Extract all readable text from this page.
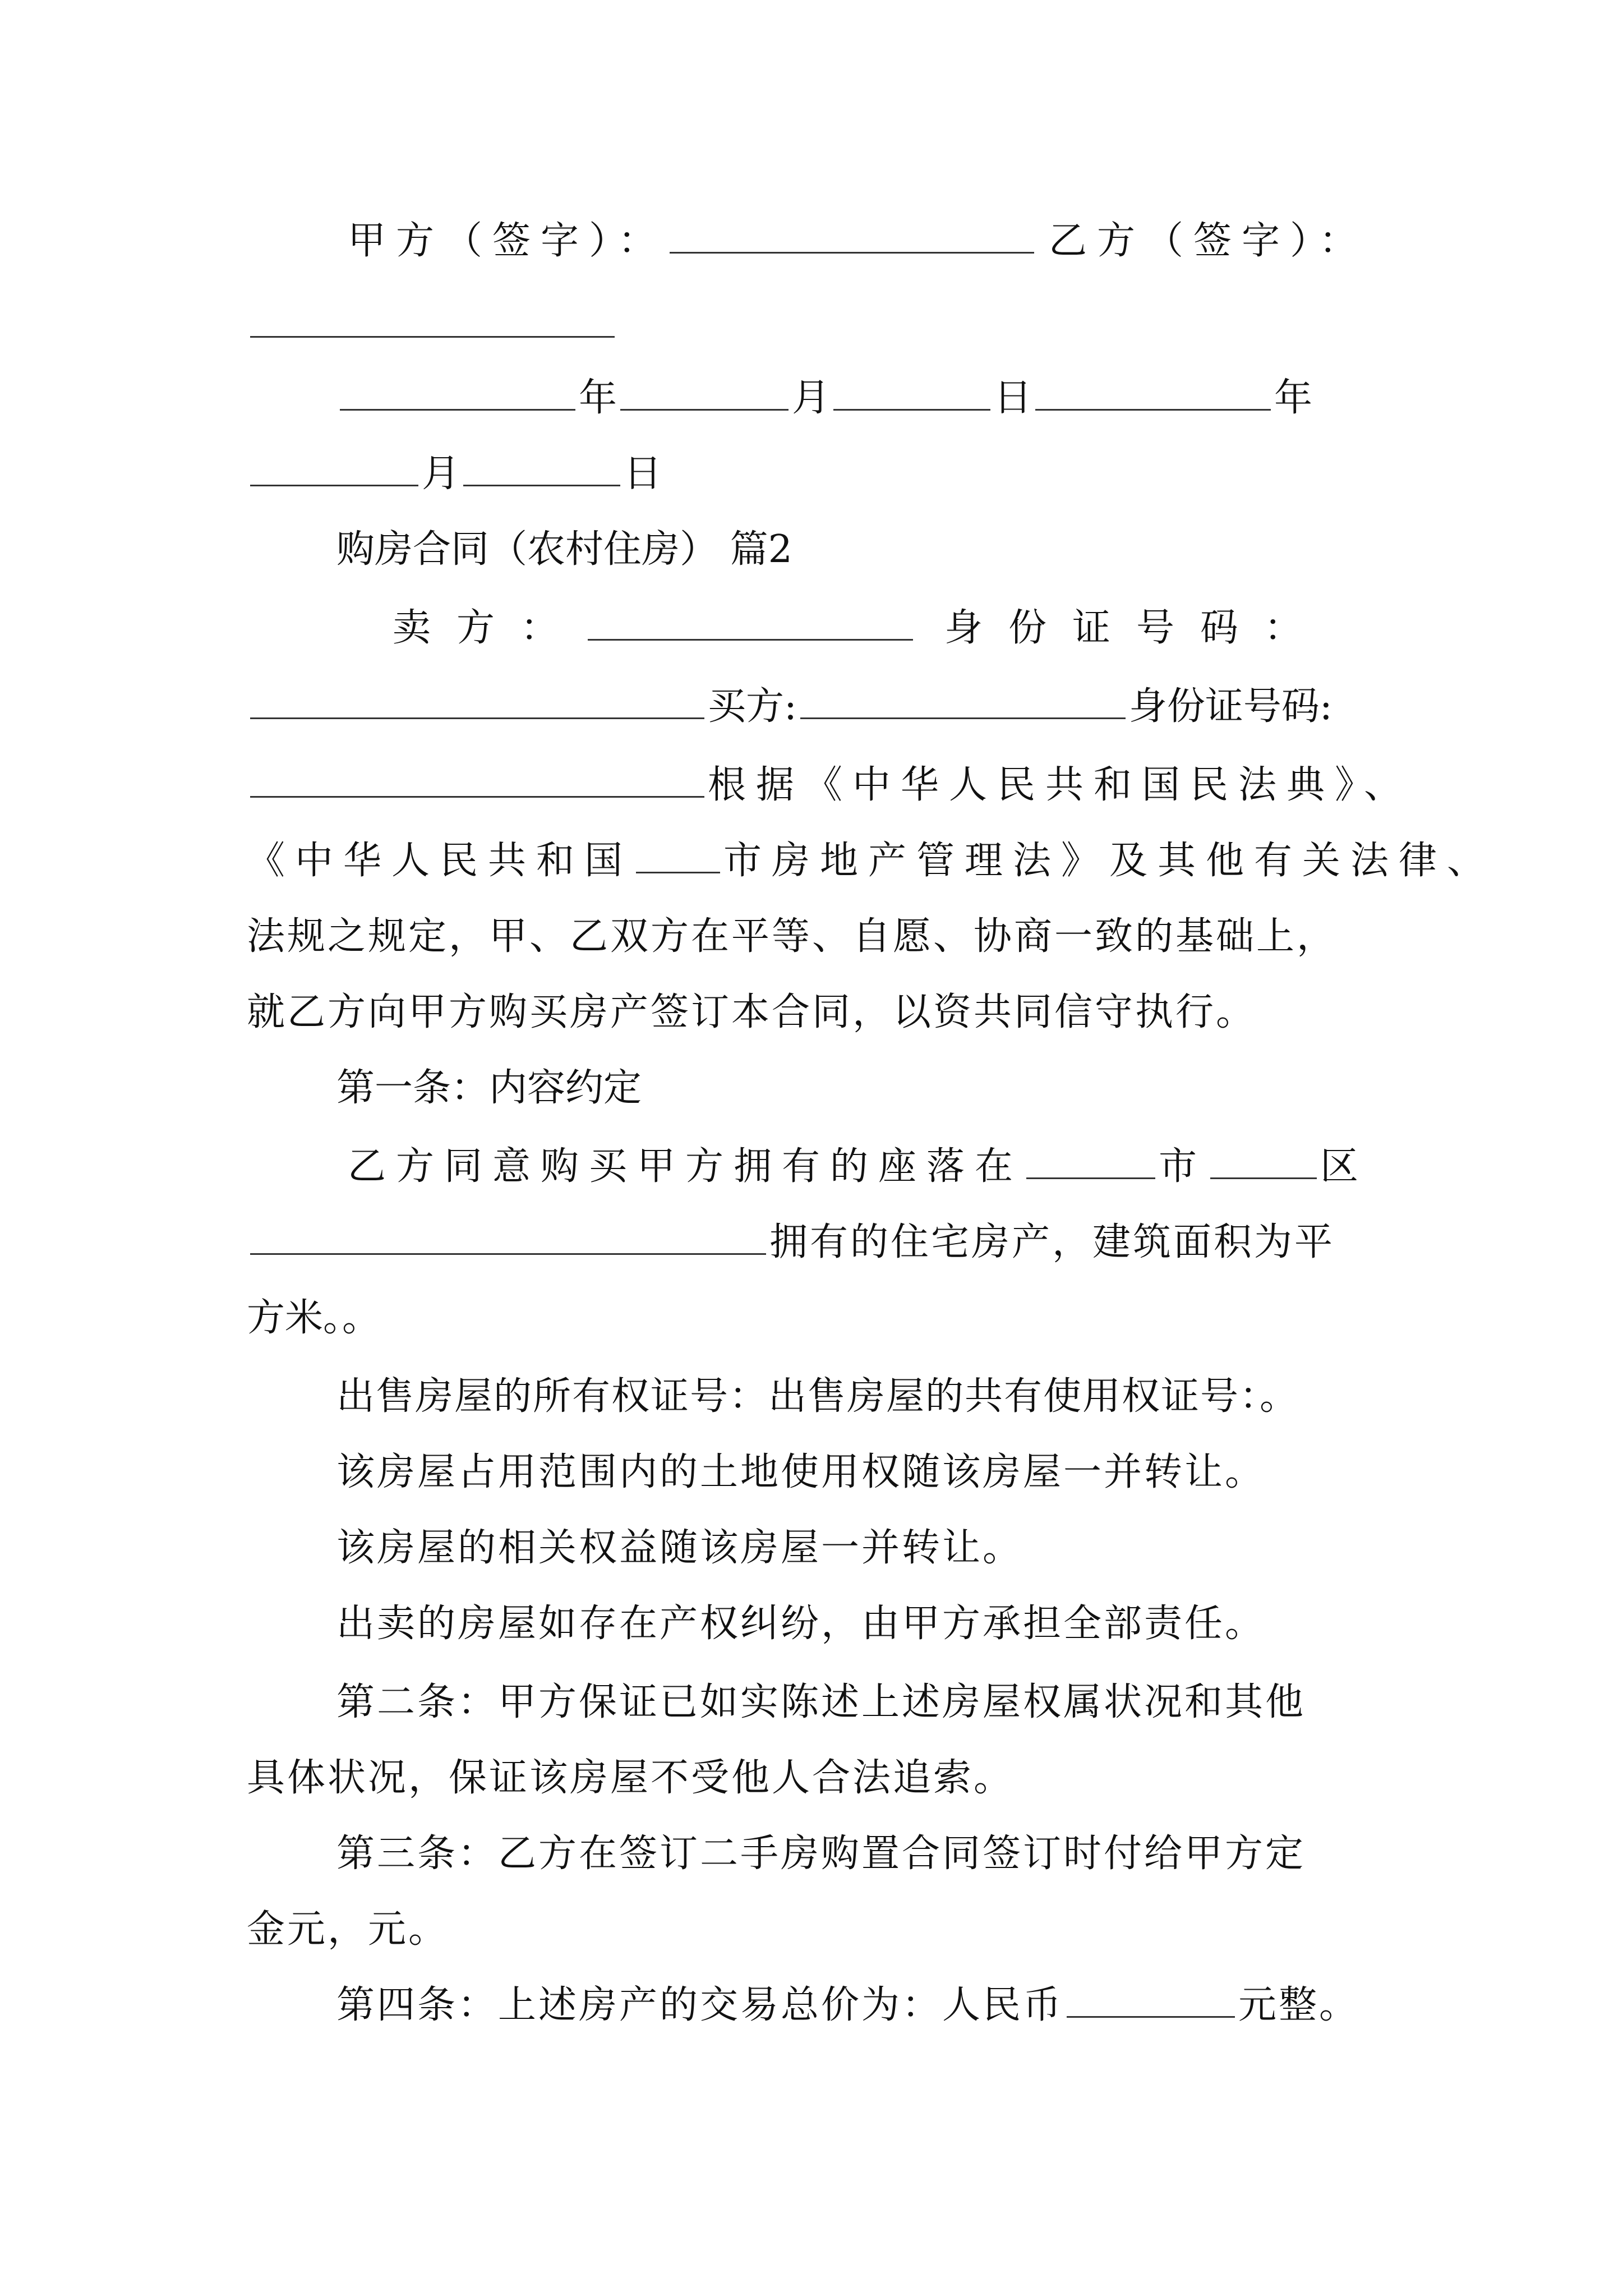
甲方（签字）：	乙方（签字）：
年	月	日	年
月	日
购房合同（农村住房） 篇2
卖方：	身份证号码：
买方:	身份证号码:
根据《中华人民共和国民法典》、
《中华人民共和国 市房地产管理法》及其他有关法律、
法规之规定，甲、乙双方在平等、自愿、协商一致的基础上，
就乙方向甲方购买房产签订本合同，以资共同信守执行。
第一条：内容约定
乙方同意购买甲方拥有的座落在	市	区
拥有的住宅房产，建筑面积为平
方米。。
出售房屋的所有权证号：出售房屋的共有使用权证号：。
该房屋占用范围内的土地使用权随该房屋一并转让。
该房屋的相关权益随该房屋一并转让。
出卖的房屋如存在产权纠纷，由甲方承担全部责任。
第二条：甲方保证已如实陈述上述房屋权属状况和其他
具体状况，保证该房屋不受他人合法追索。
第三条：乙方在签订二手房购置合同签订时付给甲方定
金元，元。
第四条：上述房产的交易总价为：人民币	元整。
